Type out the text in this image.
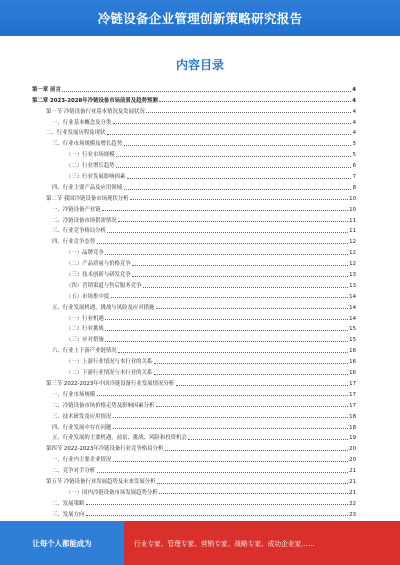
冷链设备企业管理创新策略研究报告
内容目录
第一章 前言	4
第二章 2023-2028年冷链设备市场前景及趋势预测	4
第一节 冷链设备行业基本情况及发展状况	4
一、行业基本概念及分类	4
二、行业发展历程及现状	4
三、行业市场规模及增长趋势	5
（一）行业市场规模	5
（二）行业增长趋势	6
（三）行业发展影响因素	7
四、行业主要产品及应用领域	8
第二节 我国冷链设备市场现状分析	10
一、冷链设备产业链	10
二、冷链设备市场供需情况	11
三、行业竞争格局分析	11
四、行业竞争态势	12
（一）品牌竞争	12
（二）产品质量与价格竞争	12
（三）技术创新与研发竞争	13
（四）营销渠道与售后服务竞争	13
（五）市场集中度	14
五、行业发展机遇、挑战与风险及应对措施	14
（一）行业机遇	14
（二）行业挑战	15
（三）应对措施	15
六、行业上下游产业链情况	16
（一）上游行业情况与本行业的关系	16
（二）下游行业情况与本行业的关系	16
第三节 2022-2023年中国冷链设备行业发展情况分析	17
一、行业市场规模	17
二、冷链设备市场价格走势及影响因素分析	17
三、技术研发及应用情况	18
四、行业发展中存在问题	18
五、行业发展的主要机遇、前景、挑战、风险和投资机会	19
第四节 2022-2023年冷链设备行业竞争格局分析	20
一、行业内主要企业情况	20
二、竞争对手分析	21
第五节 冷链设备行业发展趋势及未来发展分析	21
（一）国内冷链设备市场发展趋势分析	21
二、发展策略	22
三、发展方向	23
让每个人都能成为	行业专家、管理专家、营销专家、战略专家、成功企业家……
